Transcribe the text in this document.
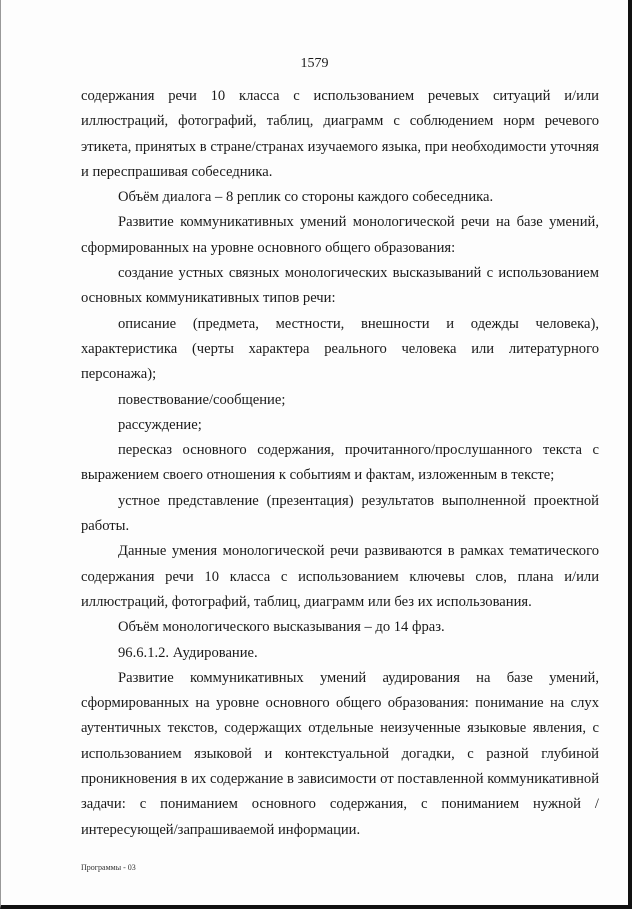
1579

содержания речи 10 класса с использованием речевых ситуаций и/или иллюстраций, фотографий, таблиц, диаграмм с соблюдением норм речевого этикета, принятых в стране/странах изучаемого языка, при необходимости уточняя и переспрашивая собеседника.

Объём диалога – 8 реплик со стороны каждого собеседника.

Развитие коммуникативных умений монологической речи на базе умений, сформированных на уровне основного общего образования:

создание устных связных монологических высказываний с использованием основных коммуникативных типов речи:

описание (предмета, местности, внешности и одежды человека), характеристика (черты характера реального человека или литературного персонажа);

повествование/сообщение;

рассуждение;

пересказ основного содержания, прочитанного/прослушанного текста с выражением своего отношения к событиям и фактам, изложенным в тексте;

устное представление (презентация) результатов выполненной проектной работы.

Данные умения монологической речи развиваются в рамках тематического содержания речи 10 класса с использованием ключевы слов, плана и/или иллюстраций, фотографий, таблиц, диаграмм или без их использования.

Объём монологического высказывания – до 14 фраз.

96.6.1.2. Аудирование.

Развитие коммуникативных умений аудирования на базе умений, сформированных на уровне основного общего образования: понимание на слух аутентичных текстов, содержащих отдельные неизученные языковые явления, с использованием языковой и контекстуальной догадки, с разной глубиной проникновения в их содержание в зависимости от поставленной коммуникативной задачи: с пониманием основного содержания, с пониманием нужной /интересующей/запрашиваемой информации.

Программы - 03
